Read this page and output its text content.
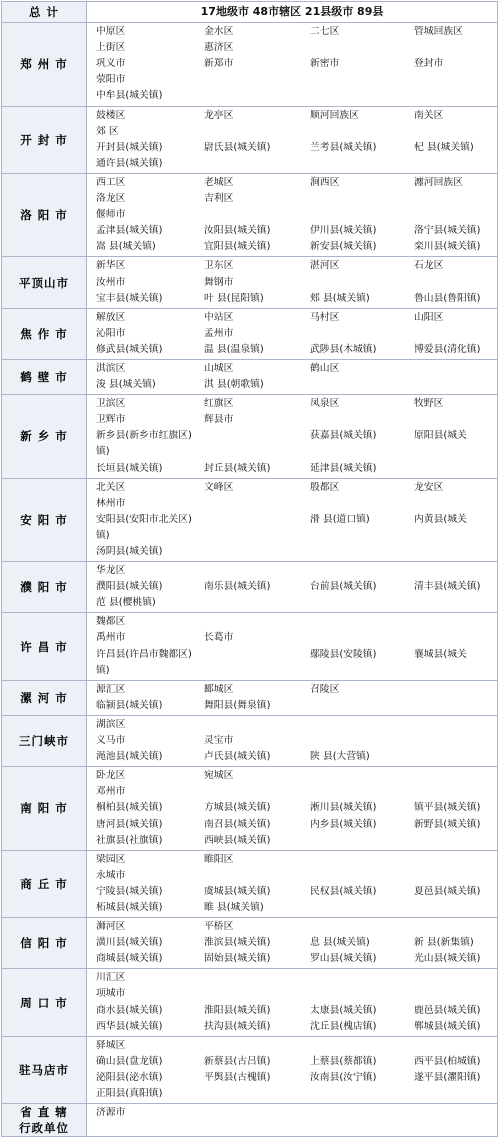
总 计	17地级市 48市辖区 21县级市 89县
郑 州 市	中原区 金水区 二七区 管城回族区
上街区 惠济区
巩义市 新郑市 新密市 登封市
荥阳市
中牟县(城关镇)

开 封 市	鼓楼区 龙亭区 顺河回族区 南关区
郊 区
开封县(城关镇) 尉氏县(城关镇) 兰考县(城关镇) 杞 县(城关镇)
通许县(城关镇)

洛 阳 市	西工区 老城区 涧西区 瀍河回族区
洛龙区 吉利区
偃师市
孟津县(城关镇) 汝阳县(城关镇) 伊川县(城关镇) 洛宁县(城关镇)
嵩 县(城关镇) 宜阳县(城关镇) 新安县(城关镇) 栾川县(城关镇)

平顶山市	新华区 卫东区 湛河区 石龙区
汝州市 舞钢市
宝丰县(城关镇) 叶 县(昆阳镇) 郏 县(城关镇) 鲁山县(鲁阳镇)

焦 作 市	解放区 中站区 马村区 山阳区
沁阳市 孟州市
修武县(城关镇) 温 县(温泉镇) 武陟县(木城镇) 博爱县(清化镇)

鹤 壁 市	淇滨区 山城区 鹤山区
浚 县(城关镇) 淇 县(朝歌镇)

新 乡 市	卫滨区 红旗区 凤泉区 牧野区
卫辉市 辉县市
新乡县(新乡市红旗区) 获嘉县(城关镇) 原阳县(城关
镇)
长垣县(城关镇) 封丘县(城关镇) 延津县(城关镇)

安 阳 市	北关区 文峰区 殷都区 龙安区
林州市
安阳县(安阳市北关区) 滑 县(道口镇) 内黄县(城关
镇)
汤阴县(城关镇)

濮 阳 市	华龙区
濮阳县(城关镇) 南乐县(城关镇) 台前县(城关镇) 清丰县(城关镇)
范 县(樱桃镇)

许 昌 市	魏都区
禹州市 长葛市
许昌县(许昌市魏都区) 鄢陵县(安陵镇) 襄城县(城关
镇)

漯 河 市	源汇区 郾城区 召陵区
临颍县(城关镇) 舞阳县(舞泉镇)

三门峡市	湖滨区
义马市 灵宝市
渑池县(城关镇) 卢氏县(城关镇) 陕 县(大营镇)

南 阳 市	卧龙区 宛城区
邓州市
桐柏县(城关镇) 方城县(城关镇) 淅川县(城关镇) 镇平县(城关镇)
唐河县(城关镇) 南召县(城关镇) 内乡县(城关镇) 新野县(城关镇)
社旗县(社旗镇) 西峡县(城关镇)

商 丘 市	梁园区 睢阳区
永城市
宁陵县(城关镇) 虞城县(城关镇) 民权县(城关镇) 夏邑县(城关镇)
柘城县(城关镇) 睢 县(城关镇)

信 阳 市	浉河区 平桥区
潢川县(城关镇) 淮滨县(城关镇) 息 县(城关镇) 新 县(新集镇)
商城县(城关镇) 固始县(城关镇) 罗山县(城关镇) 光山县(城关镇)

周 口 市	川汇区
项城市
商水县(城关镇) 淮阳县(城关镇) 太康县(城关镇) 鹿邑县(城关镇)
西华县(城关镇) 扶沟县(城关镇) 沈丘县(槐店镇) 郸城县(城关镇)

驻马店市	驿城区
确山县(盘龙镇) 新蔡县(古吕镇) 上蔡县(蔡都镇) 西平县(柏城镇)
泌阳县(泌水镇) 平舆县(古槐镇) 汝南县(汝宁镇) 遂平县(灈阳镇)
正阳县(真阳镇)

省 直 辖
行政单位	济源市
